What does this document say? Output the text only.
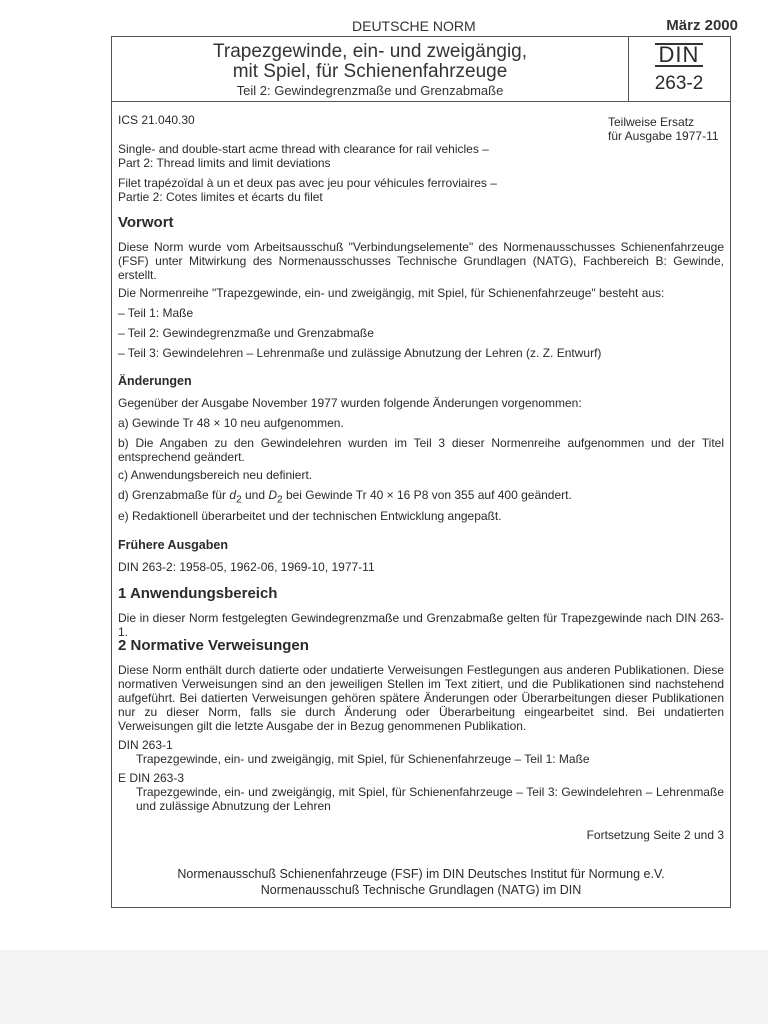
DEUTSCHE NORM	März 2000
Trapezgewinde, ein- und zweigängig,
mit Spiel, für Schienenfahrzeuge
Teil 2: Gewindegrenzmaße und Grenzabmaße
DIN
263-2
ICS 21.040.30	Teilweise Ersatz
für Ausgabe 1977-11
Single- and double-start acme thread with clearance for rail vehicles –
Part 2: Thread limits and limit deviations
Filet trapézoïdal à un et deux pas avec jeu pour véhicules ferroviaires –
Partie 2: Cotes limites et écarts du filet
Vorwort
Diese Norm wurde vom Arbeitsausschuß "Verbindungselemente" des Normenausschusses Schienenfahrzeuge (FSF) unter Mitwirkung des Normenausschusses Technische Grundlagen (NATG), Fachbereich B: Gewinde, erstellt.
Die Normenreihe "Trapezgewinde, ein- und zweigängig, mit Spiel, für Schienenfahrzeuge" besteht aus:
– Teil 1: Maße
– Teil 2: Gewindegrenzmaße und Grenzabmaße
– Teil 3: Gewindelehren – Lehrenmaße und zulässige Abnutzung der Lehren (z. Z. Entwurf)
Änderungen
Gegenüber der Ausgabe November 1977 wurden folgende Änderungen vorgenommen:
a) Gewinde Tr 48 × 10 neu aufgenommen.
b) Die Angaben zu den Gewindelehren wurden im Teil 3 dieser Normenreihe aufgenommen und der Titel entsprechend geändert.
c) Anwendungsbereich neu definiert.
d) Grenzabmaße für $d_2$ und $D_2$ bei Gewinde Tr 40 × 16 P8 von 355 auf 400 geändert.
e) Redaktionell überarbeitet und der technischen Entwicklung angepaßt.
Frühere Ausgaben
DIN 263-2: 1958-05, 1962-06, 1969-10, 1977-11
1 Anwendungsbereich
Die in dieser Norm festgelegten Gewindegrenzmaße und Grenzabmaße gelten für Trapezgewinde nach DIN 263-1.
2 Normative Verweisungen
Diese Norm enthält durch datierte oder undatierte Verweisungen Festlegungen aus anderen Publikationen. Diese normativen Verweisungen sind an den jeweiligen Stellen im Text zitiert, und die Publikationen sind nachstehend aufgeführt. Bei datierten Verweisungen gehören spätere Änderungen oder Überarbeitungen dieser Publikationen nur zu dieser Norm, falls sie durch Änderung oder Überarbeitung eingearbeitet sind. Bei undatierten Verweisungen gilt die letzte Ausgabe der in Bezug genommenen Publikation.
DIN 263-1
Trapezgewinde, ein- und zweigängig, mit Spiel, für Schienenfahrzeuge – Teil 1: Maße
E DIN 263-3
Trapezgewinde, ein- und zweigängig, mit Spiel, für Schienenfahrzeuge – Teil 3: Gewindelehren – Lehrenmaße und zulässige Abnutzung der Lehren
Fortsetzung Seite 2 und 3
Normenausschuß Schienenfahrzeuge (FSF) im DIN Deutsches Institut für Normung e.V.
Normenausschuß Technische Grundlagen (NATG) im DIN
